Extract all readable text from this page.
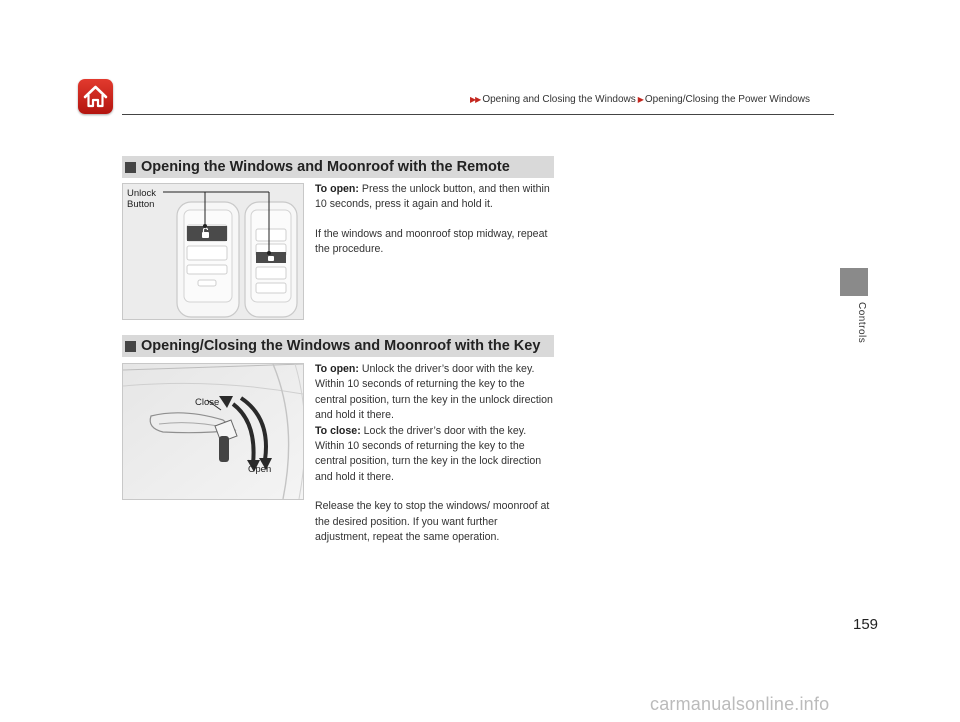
▶▶ Opening and Closing the Windows ▶ Opening/Closing the Power Windows
Controls
Opening the Windows and Moonroof with the Remote
Unlock
Button

To open: Press the unlock button, and then within 10 seconds, press it again and hold it.

If the windows and moonroof stop midway, repeat the procedure.

Opening/Closing the Windows and Moonroof with the Key
Close
Open

To open: Unlock the driver’s door with the key. Within 10 seconds of returning the key to the central position, turn the key in the unlock direction and hold it there.

To close: Lock the driver’s door with the key. Within 10 seconds of returning the key to the central position, turn the key in the lock direction and hold it there.

Release the key to stop the windows/ moonroof at the desired position. If you want further adjustment, repeat the same operation.

159
carmanualsonline.info
